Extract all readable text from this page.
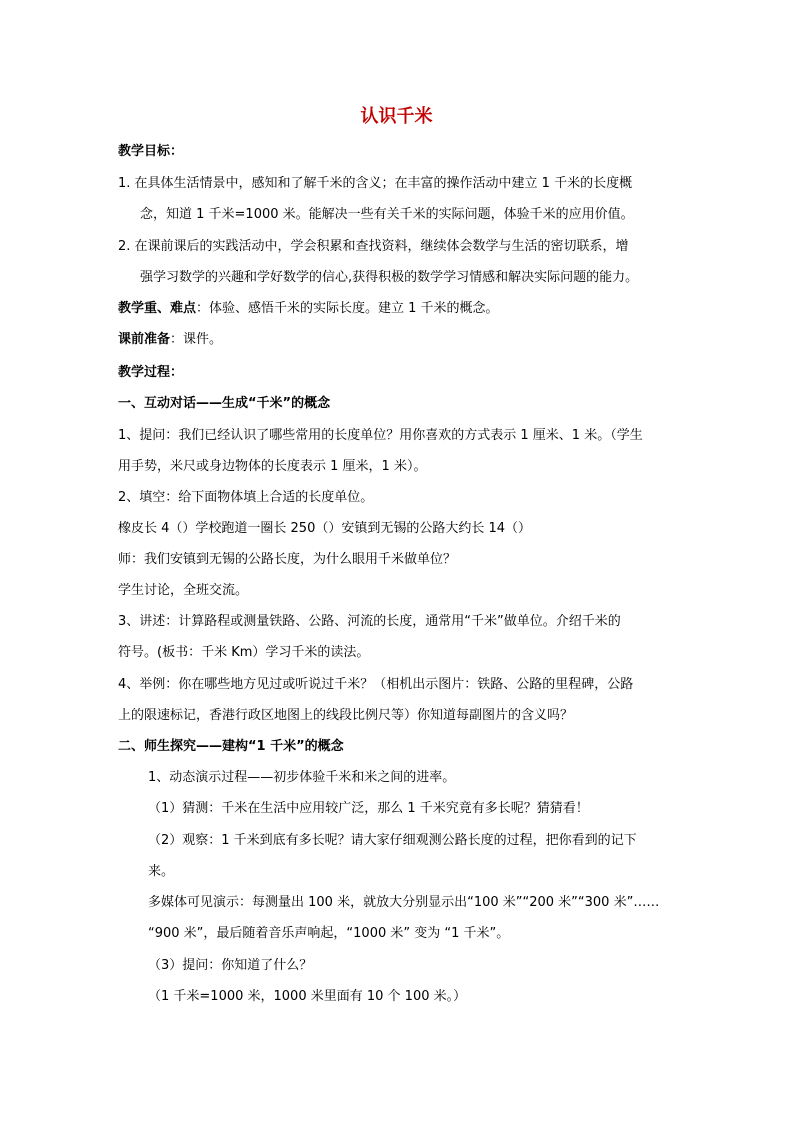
认识千米
教学目标：
1. 在具体生活情景中，感知和了解千米的含义；在丰富的操作活动中建立 1 千米的长度概
念，知道 1 千米=1000 米。能解决一些有关千米的实际问题，体验千米的应用价值。
2. 在课前课后的实践活动中，学会积累和查找资料，继续体会数学与生活的密切联系，增
强学习数学的兴趣和学好数学的信心,获得积极的数学学习情感和解决实际问题的能力。
教学重、难点：体验、感悟千米的实际长度。建立 1 千米的概念。
课前准备：课件。
教学过程：
一、互动对话——生成“千米”的概念
1、提问：我们已经认识了哪些常用的长度单位？用你喜欢的方式表示 1 厘米、1 米。（学生
用手势，米尺或身边物体的长度表示 1 厘米，1 米）。
2、填空：给下面物体填上合适的长度单位。
橡皮长 4（）学校跑道一圈长 250（）安镇到无锡的公路大约长 14（）
师：我们安镇到无锡的公路长度，为什么眼用千米做单位？
学生讨论，全班交流。
3、讲述：计算路程或测量铁路、公路、河流的长度，通常用“千米”做单位。介绍千米的
符号。(板书：千米 Km）学习千米的读法。
4、举例：你在哪些地方见过或听说过千米？（相机出示图片：铁路、公路的里程碑，公路
上的限速标记，香港行政区地图上的线段比例尺等）你知道每副图片的含义吗？
二、师生探究——建构“1 千米”的概念
1、动态演示过程——初步体验千米和米之间的进率。
（1）猜测：千米在生活中应用较广泛，那么 1 千米究竟有多长呢？猜猜看！
（2）观察：1 千米到底有多长呢？请大家仔细观测公路长度的过程，把你看到的记下
来。
多媒体可见演示：每测量出 100 米，就放大分别显示出“100 米”“200 米”“300 米”……
“900 米”，最后随着音乐声响起，“1000 米” 变为 “1 千米”。
（3）提问：你知道了什么？
（1 千米=1000 米，1000 米里面有 10 个 100 米。）
